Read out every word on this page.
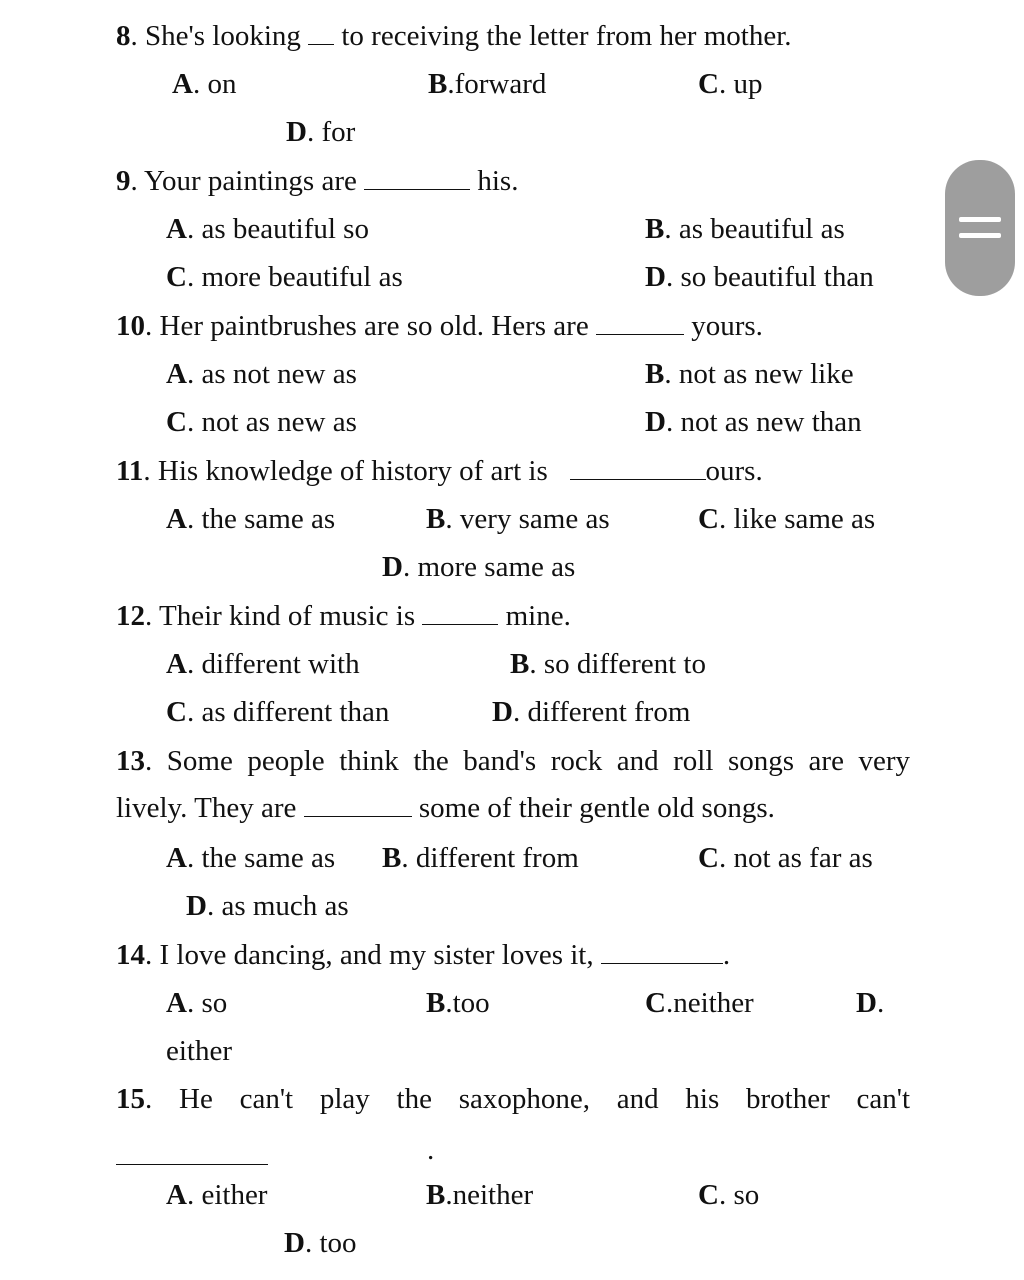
8. She's looking to receiving the letter from her mother.
A. on	B.forward	C. up
D. for
9. Your paintings are	his.
A. as beautiful so	B. as beautiful as
C. more beautiful as	D. so beautiful than
10. Her paintbrushes are so old. Hers are	yours.
A. as not new as	B. not as new like
C. not as new as	D. not as new than
11. His knowledge of history of art is	ours.
A. the same as	B. very same as	C. like same as
D. more same as
12. Their kind of music is	mine.
A. different with	B. so different to
C. as different than	D. different from
13. Some people think the band's rock and roll songs are very
lively. They are	some of their gentle old songs.
A. the same as B. different from	C. not as far as
D. as much as
14. I love dancing, and my sister loves it,	.
A. so	B.too	C.neither	D.
either
15. He can't play the saxophone, and his brother can't
.
A. either	B.neither	C. so
D. too
